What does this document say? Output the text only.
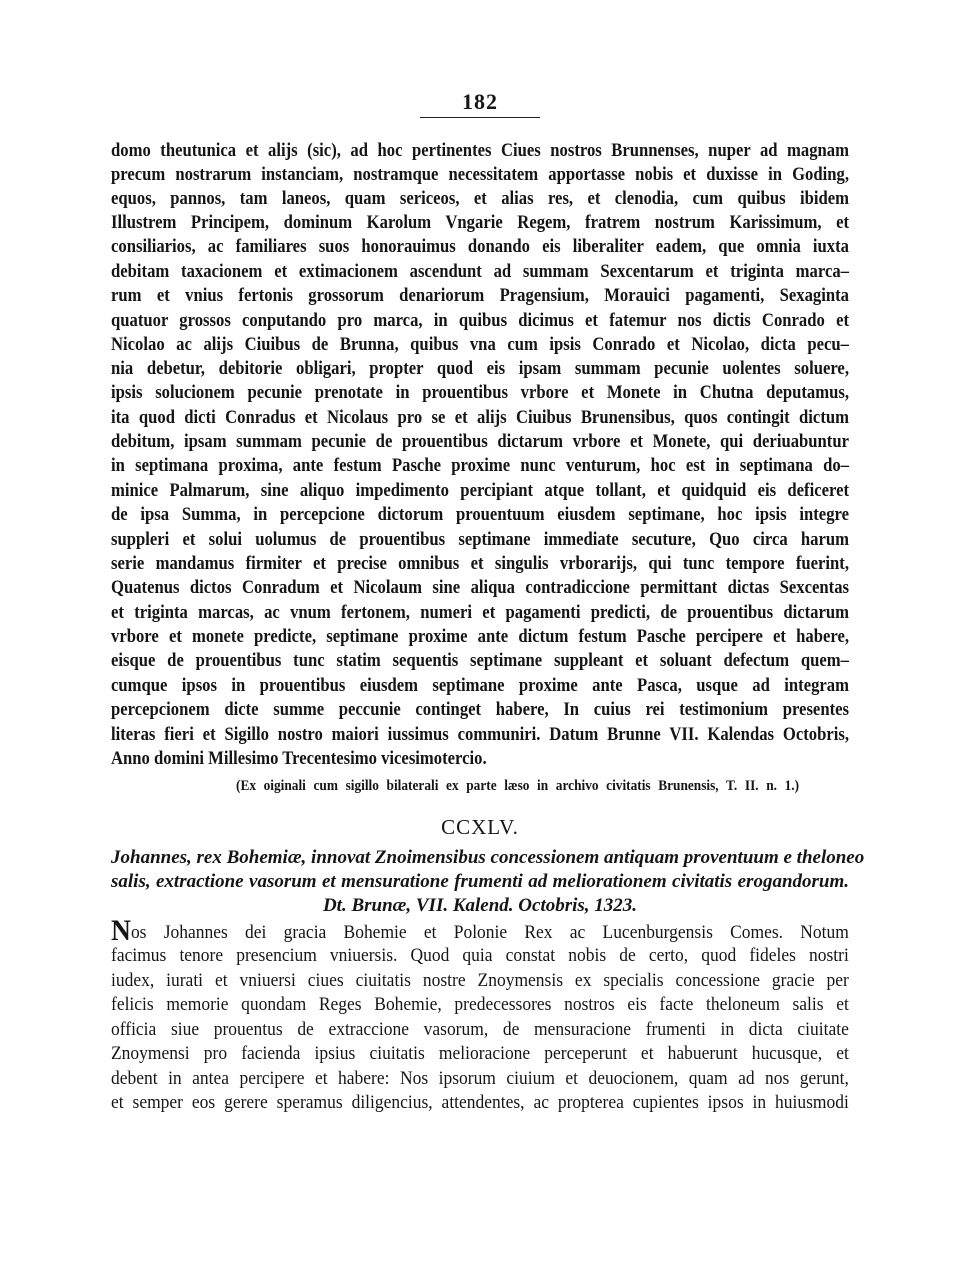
182
domo theutunica et alijs (sic), ad hoc pertinentes Ciues nostros Brunnenses, nuper ad magnam
precum nostrarum instanciam, nostramque necessitatem apportasse nobis et duxisse in Goding,
equos, pannos, tam laneos, quam sericeos, et alias res, et clenodia, cum quibus ibidem
Illustrem Principem, dominum Karolum Vngarie Regem, fratrem nostrum Karissimum, et
consiliarios, ac familiares suos honorauimus donando eis liberaliter eadem, que omnia iuxta
debitam taxacionem et extimacionem ascendunt ad summam Sexcentarum et triginta marca–
rum et vnius fertonis grossorum denariorum Pragensium, Morauici pagamenti, Sexaginta
quatuor grossos conputando pro marca, in quibus dicimus et fatemur nos dictis Conrado et
Nicolao ac alijs Ciuibus de Brunna, quibus vna cum ipsis Conrado et Nicolao, dicta pecu–
nia debetur, debitorie obligari, propter quod eis ipsam summam pecunie uolentes soluere,
ipsis solucionem pecunie prenotate in prouentibus vrbore et Monete in Chutna deputamus,
ita quod dicti Conradus et Nicolaus pro se et alijs Ciuibus Brunensibus, quos contingit dictum
debitum, ipsam summam pecunie de prouentibus dictarum vrbore et Monete, qui deriuabuntur
in septimana proxima, ante festum Pasche proxime nunc venturum, hoc est in septimana do–
minice Palmarum, sine aliquo impedimento percipiant atque tollant, et quidquid eis deficeret
de ipsa Summa, in percepcione dictorum prouentuum eiusdem septimane, hoc ipsis integre
suppleri et solui uolumus de prouentibus septimane immediate secuture, Quo circa harum
serie mandamus firmiter et precise omnibus et singulis vrborarijs, qui tunc tempore fuerint,
Quatenus dictos Conradum et Nicolaum sine aliqua contradiccione permittant dictas Sexcentas
et triginta marcas, ac vnum fertonem, numeri et pagamenti predicti, de prouentibus dictarum
vrbore et monete predicte, septimane proxime ante dictum festum Pasche percipere et habere,
eisque de prouentibus tunc statim sequentis septimane suppleant et soluant defectum quem–
cumque ipsos in prouentibus eiusdem septimane proxime ante Pasca, usque ad integram
percepcionem dicte summe peccunie continget habere, In cuius rei testimonium presentes
literas fieri et Sigillo nostro maiori iussimus communiri. Datum Brunne VII. Kalendas Octobris,
Anno domini Millesimo Trecentesimo vicesimotercio.
(Ex oiginali cum sigillo bilaterali ex parte læso in archivo civitatis Brunensis, T. II. n. 1.)
CCXLV.
Johannes, rex Bohemiæ, innovat Znoimensibus concessionem antiquam proventuum e theloneo
salis, extractione vasorum et mensuratione frumenti ad meliorationem civitatis erogandorum.
Dt. Brunæ, VII. Kalend. Octobris, 1323.
Nos Johannes dei gracia Bohemie et Polonie Rex ac Lucenburgensis Comes. Notum
facimus tenore presencium vniuersis. Quod quia constat nobis de certo, quod fideles nostri
iudex, iurati et vniuersi ciues ciuitatis nostre Znoymensis ex specialis concessione gracie per
felicis memorie quondam Reges Bohemie, predecessores nostros eis facte theloneum salis et
officia siue prouentus de extraccione vasorum, de mensuracione frumenti in dicta ciuitate
Znoymensi pro facienda ipsius ciuitatis melioracione perceperunt et habuerunt hucusque, et
debent in antea percipere et habere: Nos ipsorum ciuium et deuocionem, quam ad nos gerunt,
et semper eos gerere speramus diligencius, attendentes, ac propterea cupientes ipsos in huiusmodi
